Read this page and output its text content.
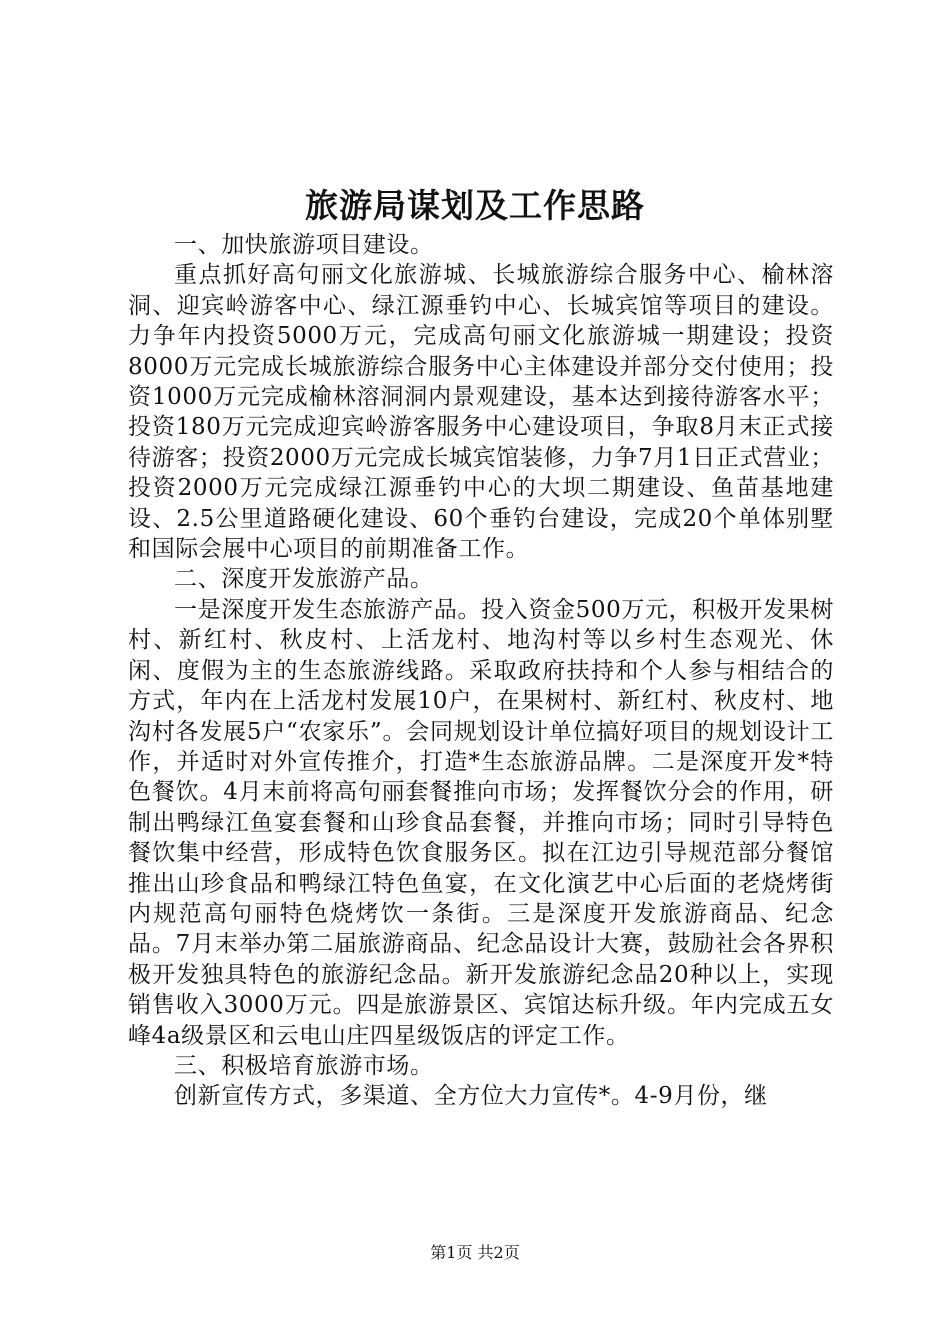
旅游局谋划及工作思路

一、加快旅游项目建设。

重点抓好高句丽文化旅游城、长城旅游综合服务中心、榆林溶洞、迎宾岭游客中心、绿江源垂钓中心、长城宾馆等项目的建设。力争年内投资5000万元，完成高句丽文化旅游城一期建设；投资8000万元完成长城旅游综合服务中心主体建设并部分交付使用；投资1000万元完成榆林溶洞洞内景观建设，基本达到接待游客水平；投资180万元完成迎宾岭游客服务中心建设项目，争取8月末正式接待游客；投资2000万元完成长城宾馆装修，力争7月1日正式营业；投资2000万元完成绿江源垂钓中心的大坝二期建设、鱼苗基地建设、2.5公里道路硬化建设、60个垂钓台建设，完成20个单体别墅和国际会展中心项目的前期准备工作。

二、深度开发旅游产品。

一是深度开发生态旅游产品。投入资金500万元，积极开发果树村、新红村、秋皮村、上活龙村、地沟村等以乡村生态观光、休闲、度假为主的生态旅游线路。采取政府扶持和个人参与相结合的方式，年内在上活龙村发展10户，在果树村、新红村、秋皮村、地沟村各发展5户“农家乐”。会同规划设计单位搞好项目的规划设计工作，并适时对外宣传推介，打造*生态旅游品牌。二是深度开发*特色餐饮。4月末前将高句丽套餐推向市场；发挥餐饮分会的作用，研制出鸭绿江鱼宴套餐和山珍食品套餐，并推向市场；同时引导特色餐饮集中经营，形成特色饮食服务区。拟在江边引导规范部分餐馆推出山珍食品和鸭绿江特色鱼宴，在文化演艺中心后面的老烧烤街内规范高句丽特色烧烤饮一条街。三是深度开发旅游商品、纪念品。7月末举办第二届旅游商品、纪念品设计大赛，鼓励社会各界积极开发独具特色的旅游纪念品。新开发旅游纪念品20种以上，实现销售收入3000万元。四是旅游景区、宾馆达标升级。年内完成五女峰4a级景区和云电山庄四星级饭店的评定工作。

三、积极培育旅游市场。

创新宣传方式，多渠道、全方位大力宣传*。4-9月份，继

第1页 共2页
